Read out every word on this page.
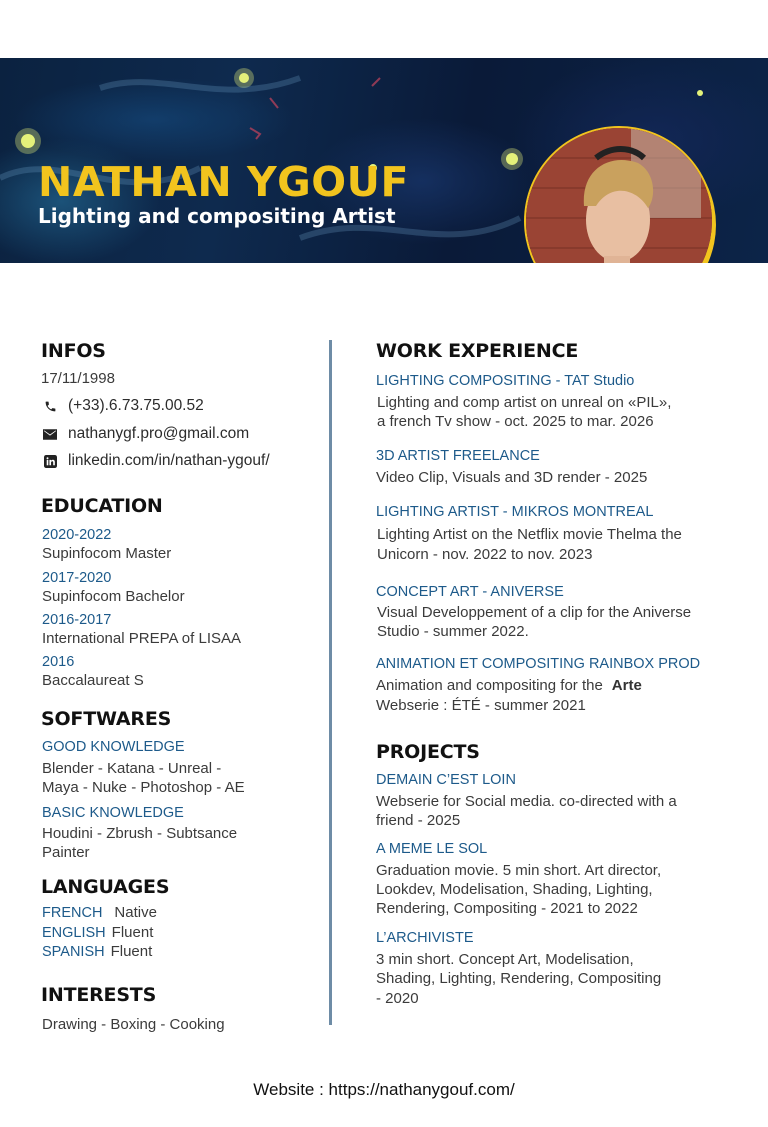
NATHAN YGOUF
Lighting and compositing Artist
INFOS
17/11/1998
(+33).6.73.75.00.52
nathanygf.pro@gmail.com
linkedin.com/in/nathan-ygouf/
EDUCATION
2020-2022
Supinfocom Master
2017-2020
Supinfocom Bachelor
2016-2017
International PREPA of LISAA
2016
Baccalaureat S
SOFTWARES
GOOD KNOWLEDGE
Blender - Katana - Unreal -
Maya - Nuke - Photoshop - AE
BASIC KNOWLEDGE
Houdini - Zbrush - Subtsance
Painter
LANGUAGES
FRENCH Native
ENGLISH Fluent
SPANISH Fluent
INTERESTS
Drawing - Boxing - Cooking
WORK EXPERIENCE
LIGHTING COMPOSITING - TAT Studio
Lighting and comp artist on unreal on «PIL»,
a french Tv show - oct. 2025 to mar. 2026
3D ARTIST FREELANCE
Video Clip, Visuals and 3D render - 2025
LIGHTING ARTIST - MIKROS MONTREAL
Lighting Artist on the Netflix movie Thelma the
Unicorn - nov. 2022 to nov. 2023
CONCEPT ART - ANIVERSE
Visual Developpement of a clip for the Aniverse
Studio - summer 2022.
ANIMATION ET COMPOSITING RAINBOX PROD
Animation and compositing for the Arte
Webserie : ÉTÉ - summer 2021
PROJECTS
DEMAIN C’EST LOIN
Webserie for Social media. co-directed with a
friend - 2025
A MEME LE SOL
Graduation movie. 5 min short. Art director,
Lookdev, Modelisation, Shading, Lighting,
Rendering, Compositing - 2021 to 2022
L’ARCHIVISTE
3 min short. Concept Art, Modelisation,
Shading, Lighting, Rendering, Compositing
- 2020
Website : https://nathanygouf.com/
